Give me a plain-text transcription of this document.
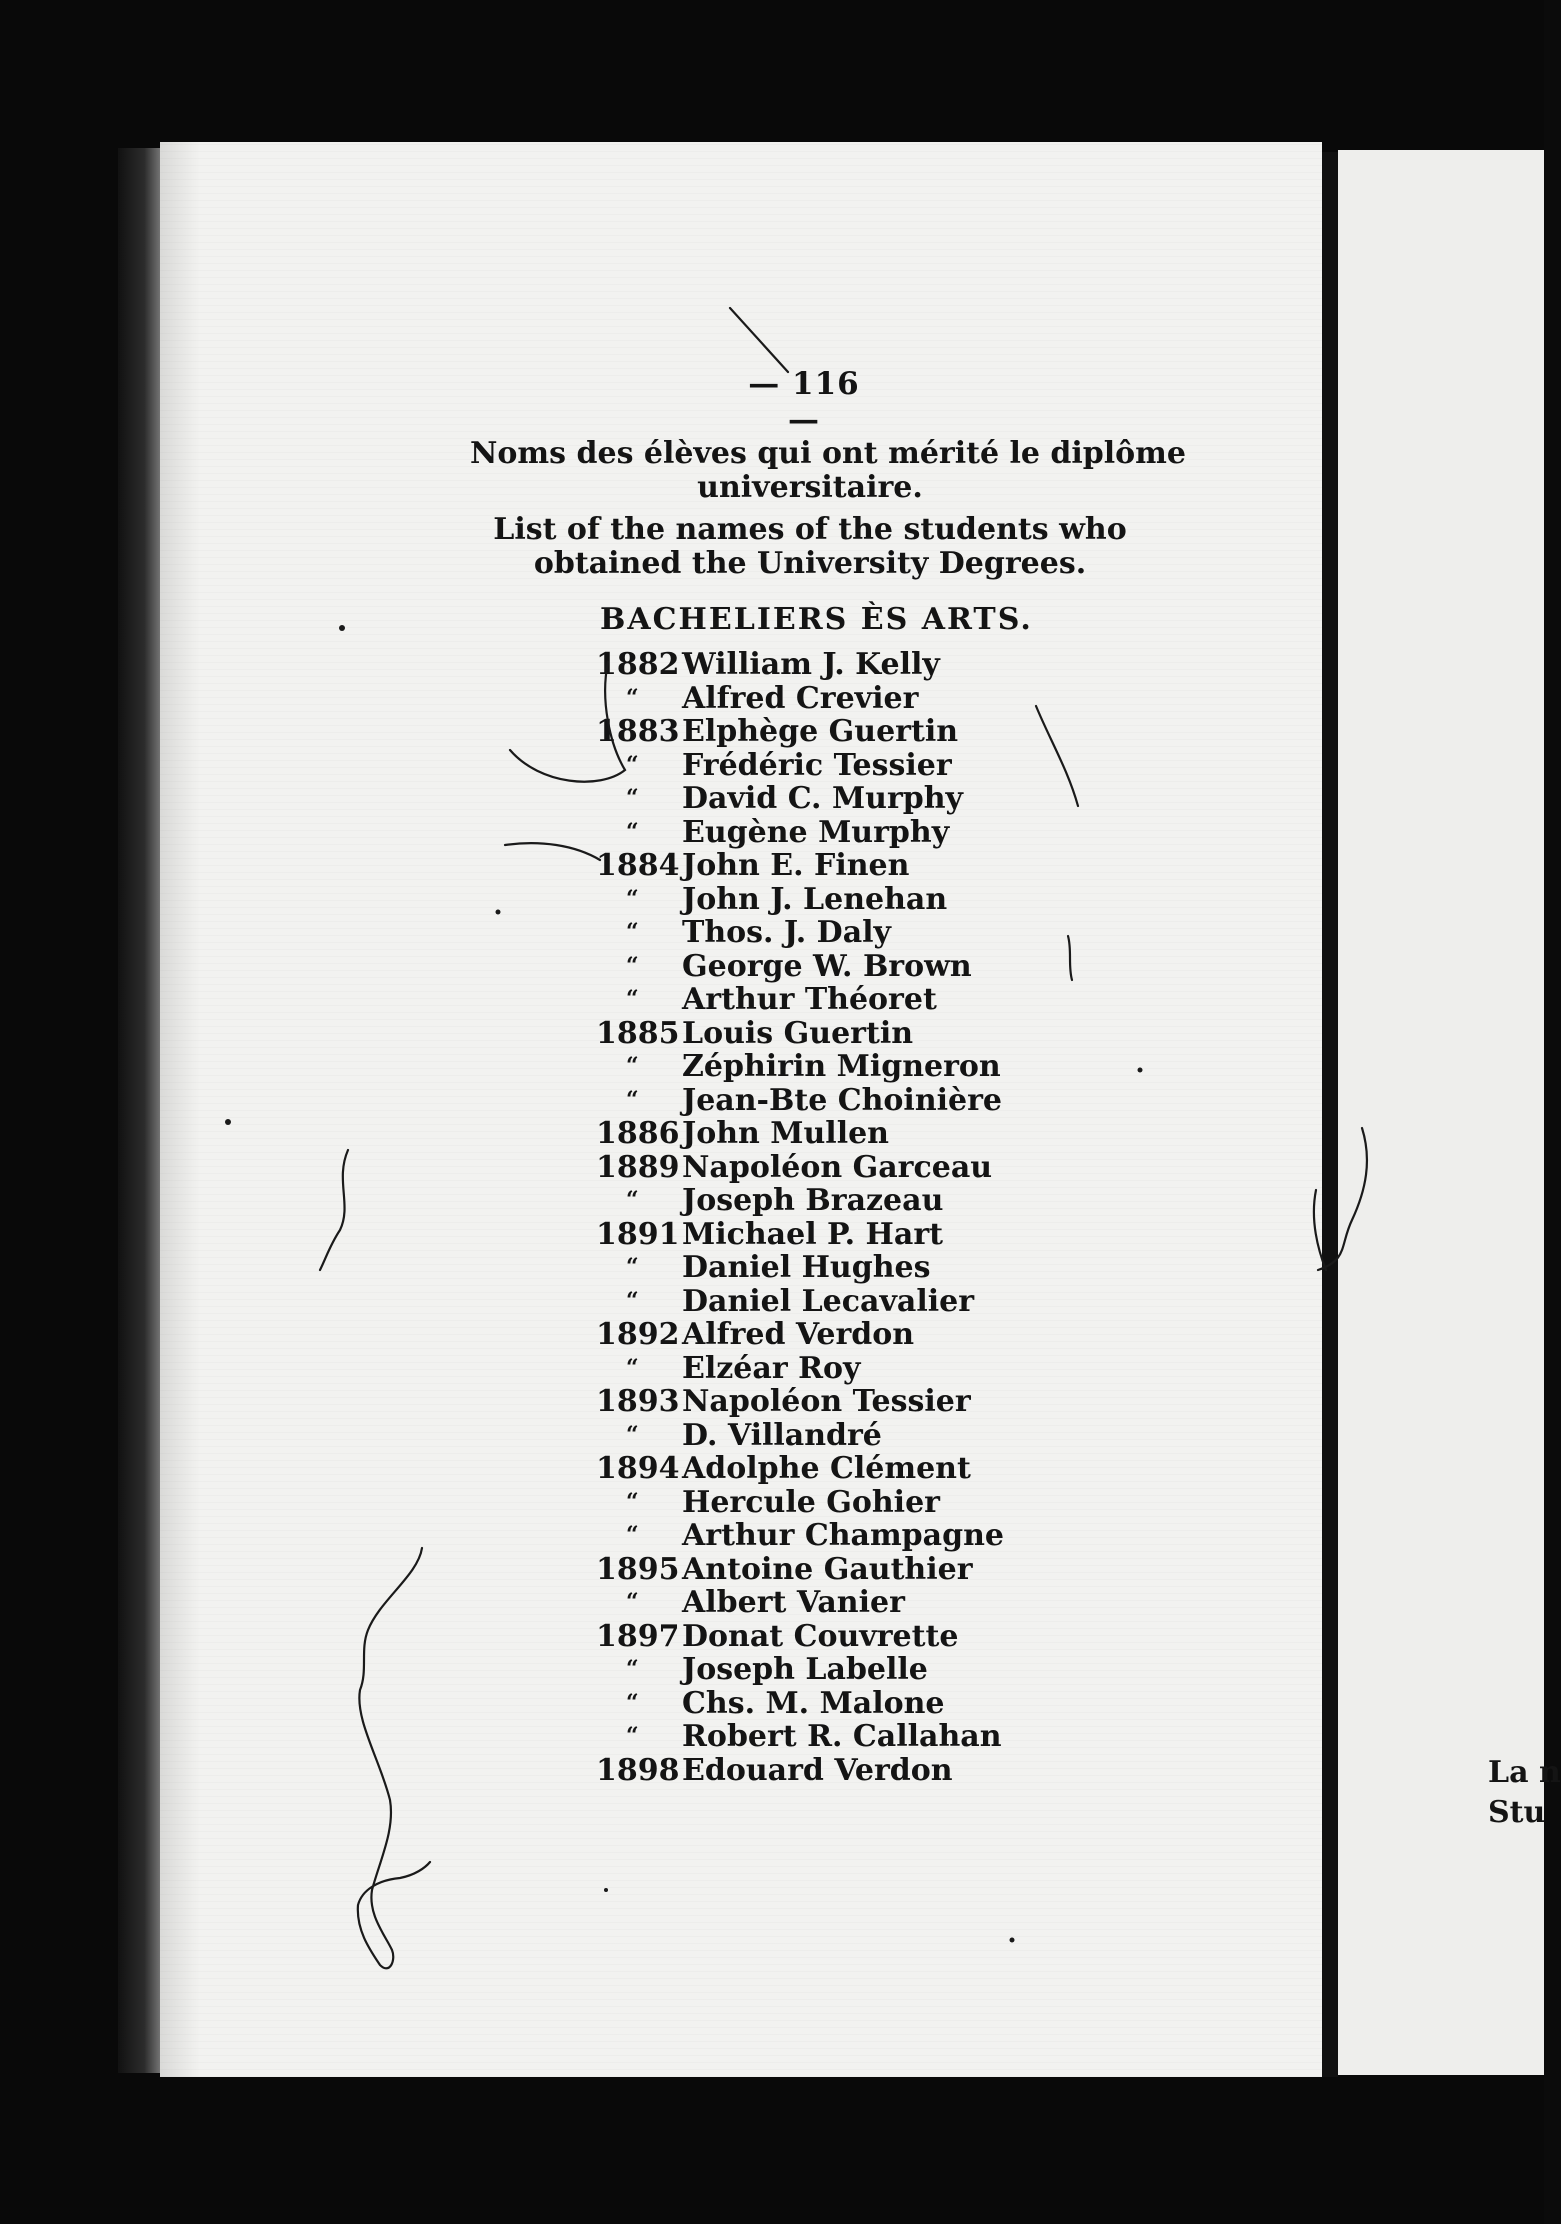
La n
Stu
— 116 —
Noms des élèves qui ont mérité le diplôme
universitaire.
List of the names of the students who
obtained the University Degrees.
BACHELIERS ÈS ARTS.
1882 William J. Kelly
“	Alfred Crevier
1883 Elphège Guertin
“	Frédéric Tessier
“	David C. Murphy
“	Eugène Murphy
1884 John E. Finen
“	John J. Lenehan
“	Thos. J. Daly
“	George W. Brown
“	Arthur Théoret
1885 Louis Guertin
“	Zéphirin Migneron
“	Jean-Bte Choinière
1886 John Mullen
1889 Napoléon Garceau
“	Joseph Brazeau
1891 Michael P. Hart
“	Daniel Hughes
“	Daniel Lecavalier
1892 Alfred Verdon
“	Elzéar Roy
1893 Napoléon Tessier
“	D. Villandré
1894 Adolphe Clément
“	Hercule Gohier
“	Arthur Champagne
1895 Antoine Gauthier
“	Albert Vanier
1897 Donat Couvrette
“	Joseph Labelle
“	Chs. M. Malone
“	Robert R. Callahan
1898 Edouard Verdon
